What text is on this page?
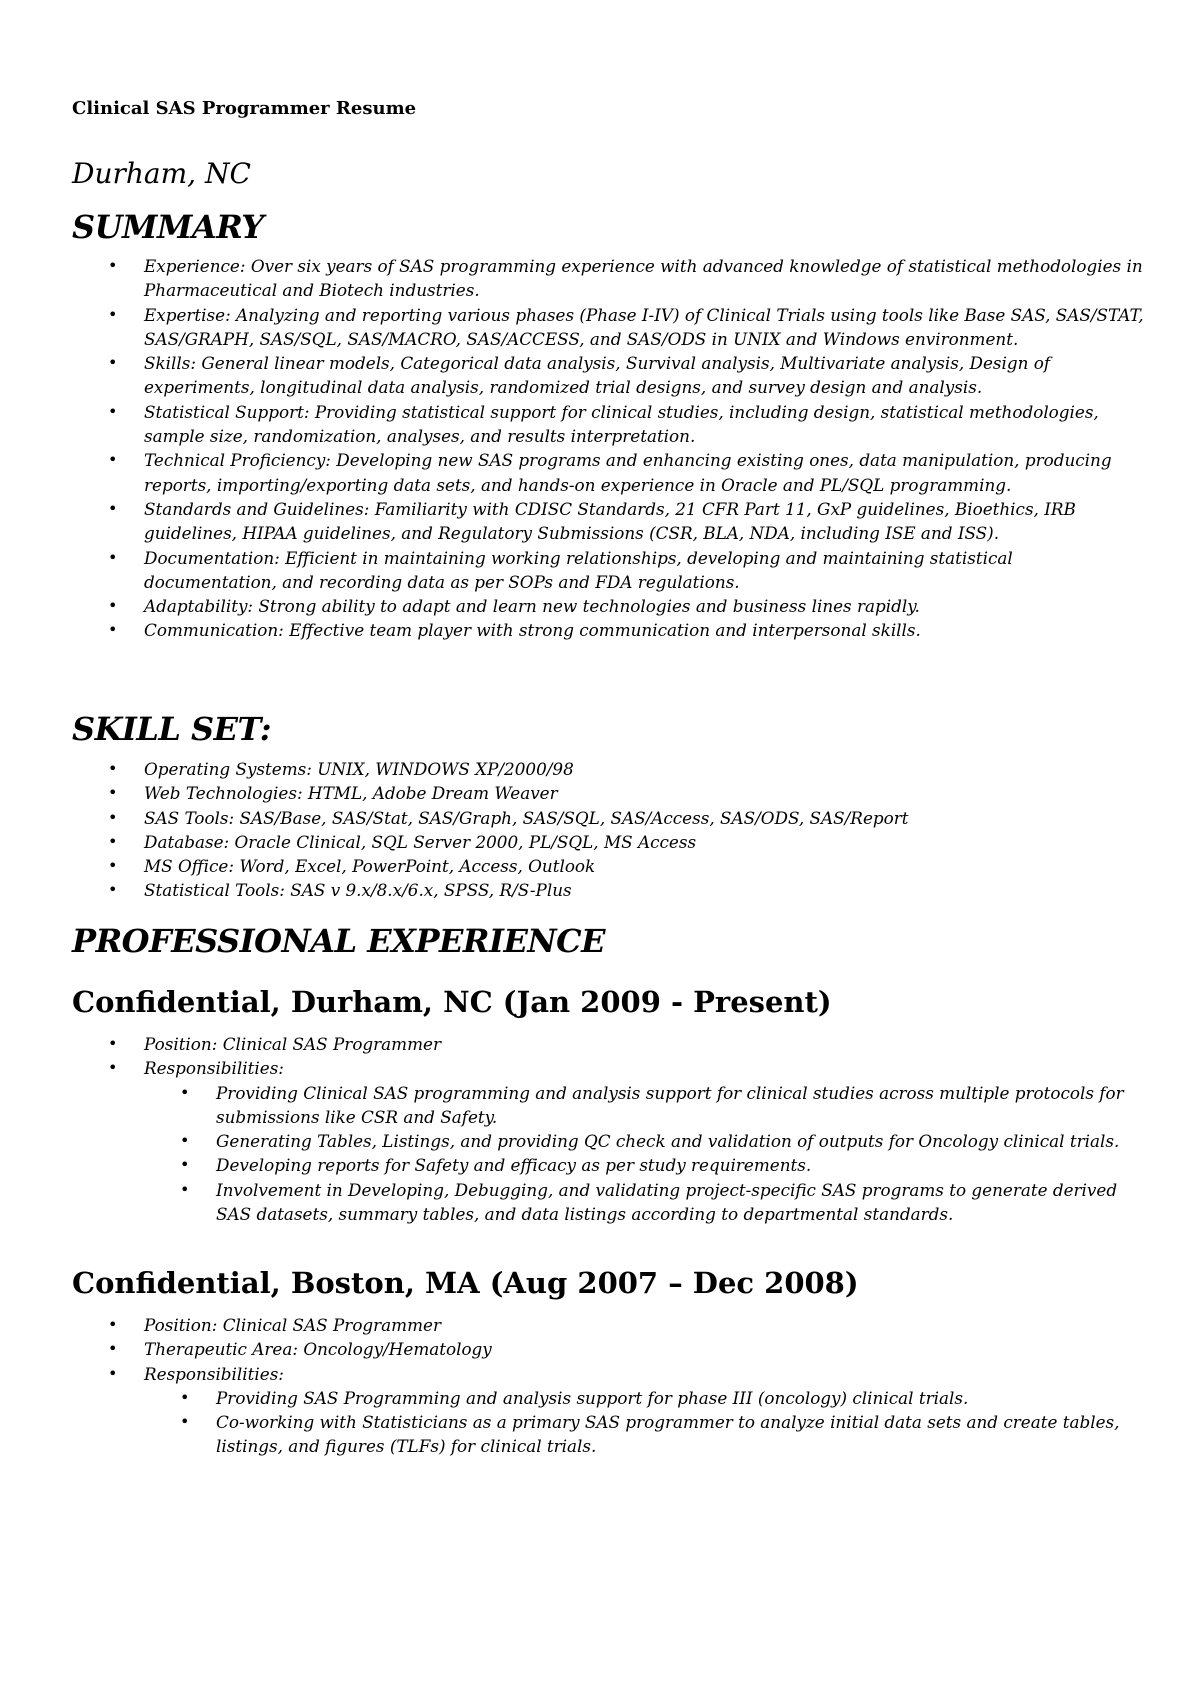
Clinical SAS Programmer Resume
Durham, NC
SUMMARY
• Experience: Over six years of SAS programming experience with advanced knowledge of statistical methodologies in Pharmaceutical and Biotech industries.
• Expertise: Analyzing and reporting various phases (Phase I-IV) of Clinical Trials using tools like Base SAS, SAS/STAT, SAS/GRAPH, SAS/SQL, SAS/MACRO, SAS/ACCESS, and SAS/ODS in UNIX and Windows environment.
• Skills: General linear models, Categorical data analysis, Survival analysis, Multivariate analysis, Design of experiments, longitudinal data analysis, randomized trial designs, and survey design and analysis.
• Statistical Support: Providing statistical support for clinical studies, including design, statistical methodologies, sample size, randomization, analyses, and results interpretation.
• Technical Proficiency: Developing new SAS programs and enhancing existing ones, data manipulation, producing reports, importing/exporting data sets, and hands-on experience in Oracle and PL/SQL programming.
• Standards and Guidelines: Familiarity with CDISC Standards, 21 CFR Part 11, GxP guidelines, Bioethics, IRB guidelines, HIPAA guidelines, and Regulatory Submissions (CSR, BLA, NDA, including ISE and ISS).
• Documentation: Efficient in maintaining working relationships, developing and maintaining statistical documentation, and recording data as per SOPs and FDA regulations.
• Adaptability: Strong ability to adapt and learn new technologies and business lines rapidly.
• Communication: Effective team player with strong communication and interpersonal skills.
SKILL SET:
• Operating Systems: UNIX, WINDOWS XP/2000/98
• Web Technologies: HTML, Adobe Dream Weaver
• SAS Tools: SAS/Base, SAS/Stat, SAS/Graph, SAS/SQL, SAS/Access, SAS/ODS, SAS/Report
• Database: Oracle Clinical, SQL Server 2000, PL/SQL, MS Access
• MS Office: Word, Excel, PowerPoint, Access, Outlook
• Statistical Tools: SAS v 9.x/8.x/6.x, SPSS, R/S-Plus
PROFESSIONAL EXPERIENCE
Confidential, Durham, NC (Jan 2009 - Present)
• Position: Clinical SAS Programmer
• Responsibilities:
• Providing Clinical SAS programming and analysis support for clinical studies across multiple protocols for submissions like CSR and Safety.
• Generating Tables, Listings, and providing QC check and validation of outputs for Oncology clinical trials.
• Developing reports for Safety and efficacy as per study requirements.
• Involvement in Developing, Debugging, and validating project-specific SAS programs to generate derived SAS datasets, summary tables, and data listings according to departmental standards.
Confidential, Boston, MA (Aug 2007 – Dec 2008)
• Position: Clinical SAS Programmer
• Therapeutic Area: Oncology/Hematology
• Responsibilities:
• Providing SAS Programming and analysis support for phase III (oncology) clinical trials.
• Co-working with Statisticians as a primary SAS programmer to analyze initial data sets and create tables, listings, and figures (TLFs) for clinical trials.
